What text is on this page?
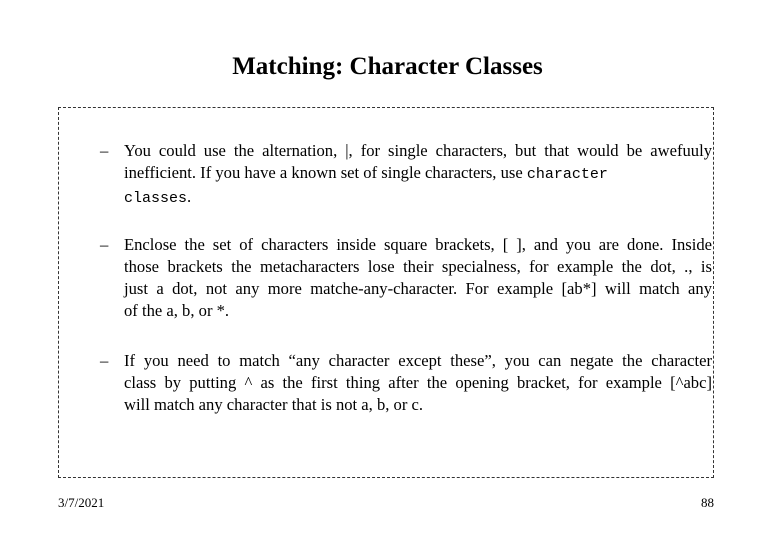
Matching: Character Classes
– You could use the alternation, |, for single characters, but that would be awefuuly
inefficient. If you have a known set of single characters, use character
classes.
– Enclose the set of characters inside square brackets, [ ], and you are done. Inside
those brackets the metacharacters lose their specialness, for example the dot, ., is
just a dot, not any more matche-any-character. For example [ab*] will match any
of the a, b, or *.
– If you need to match “any character except these”, you can negate the character
class by putting ^ as the first thing after the opening bracket, for example [^abc]
will match any character that is not a, b, or c.
3/7/2021	88
